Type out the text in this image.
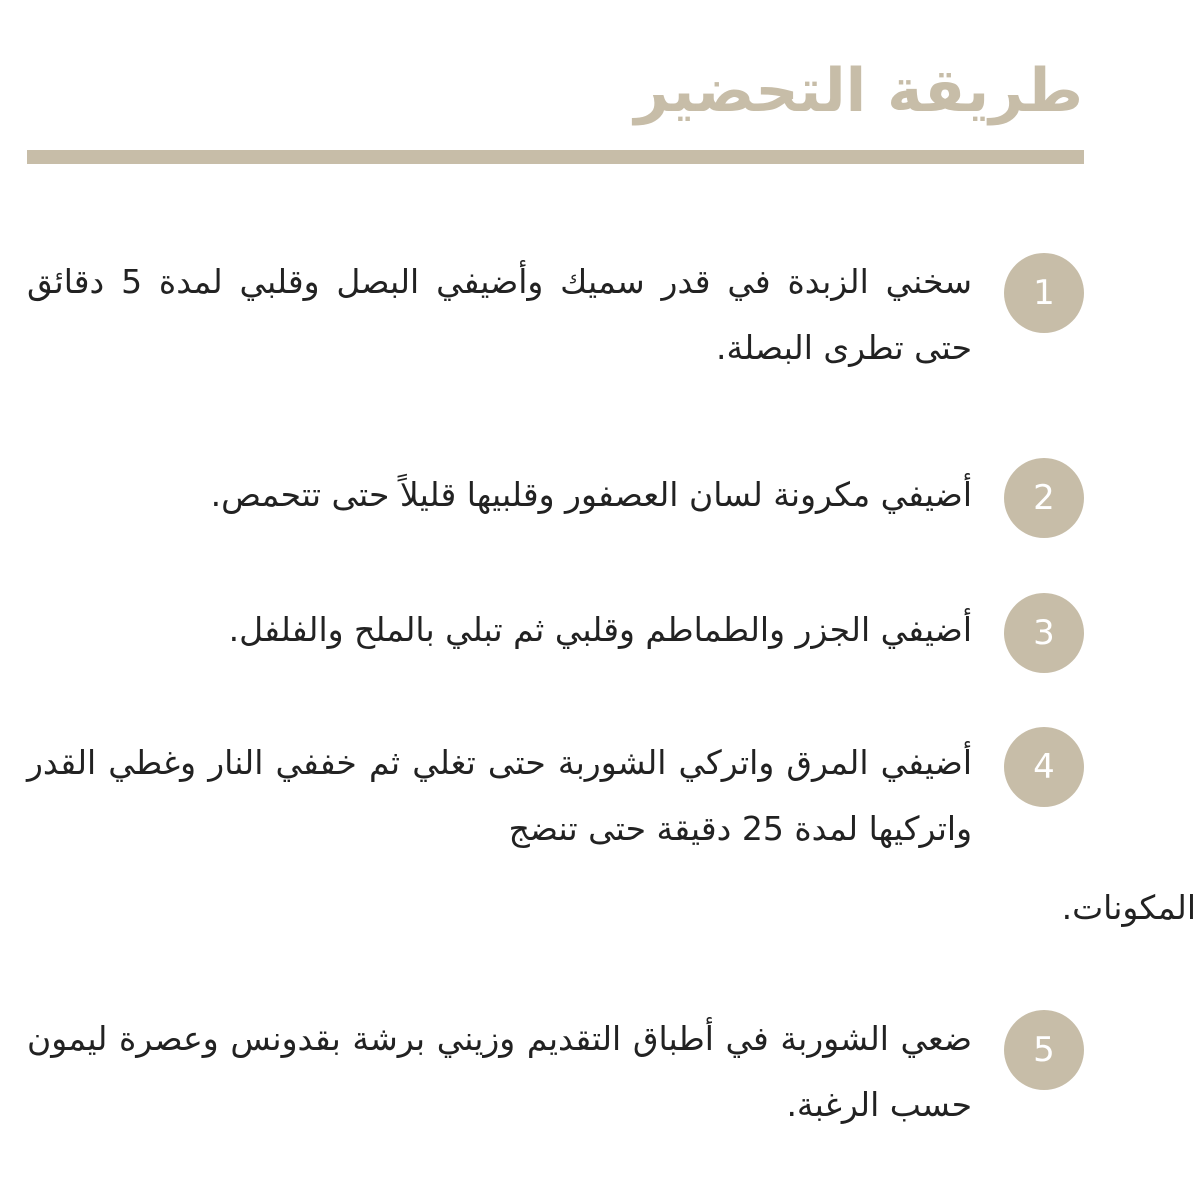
طريقة التحضير
1

سخني الزبدة في قدر سميك وأضيفي البصل وقلبي لمدة 5 دقائق حتى تطرى البصلة.

2

أضيفي مكرونة لسان العصفور وقلبيها قليلاً حتى تتحمص.

3

أضيفي الجزر والطماطم وقلبي ثم تبلي بالملح والفلفل.

4

أضيفي المرق واتركي الشوربة حتى تغلي ثم خففي النار وغطي القدر واتركيها لمدة 25 دقيقة حتى تنضج

المكونات.

5

ضعي الشوربة في أطباق التقديم وزيني برشة بقدونس وعصرة ليمون حسب الرغبة.
